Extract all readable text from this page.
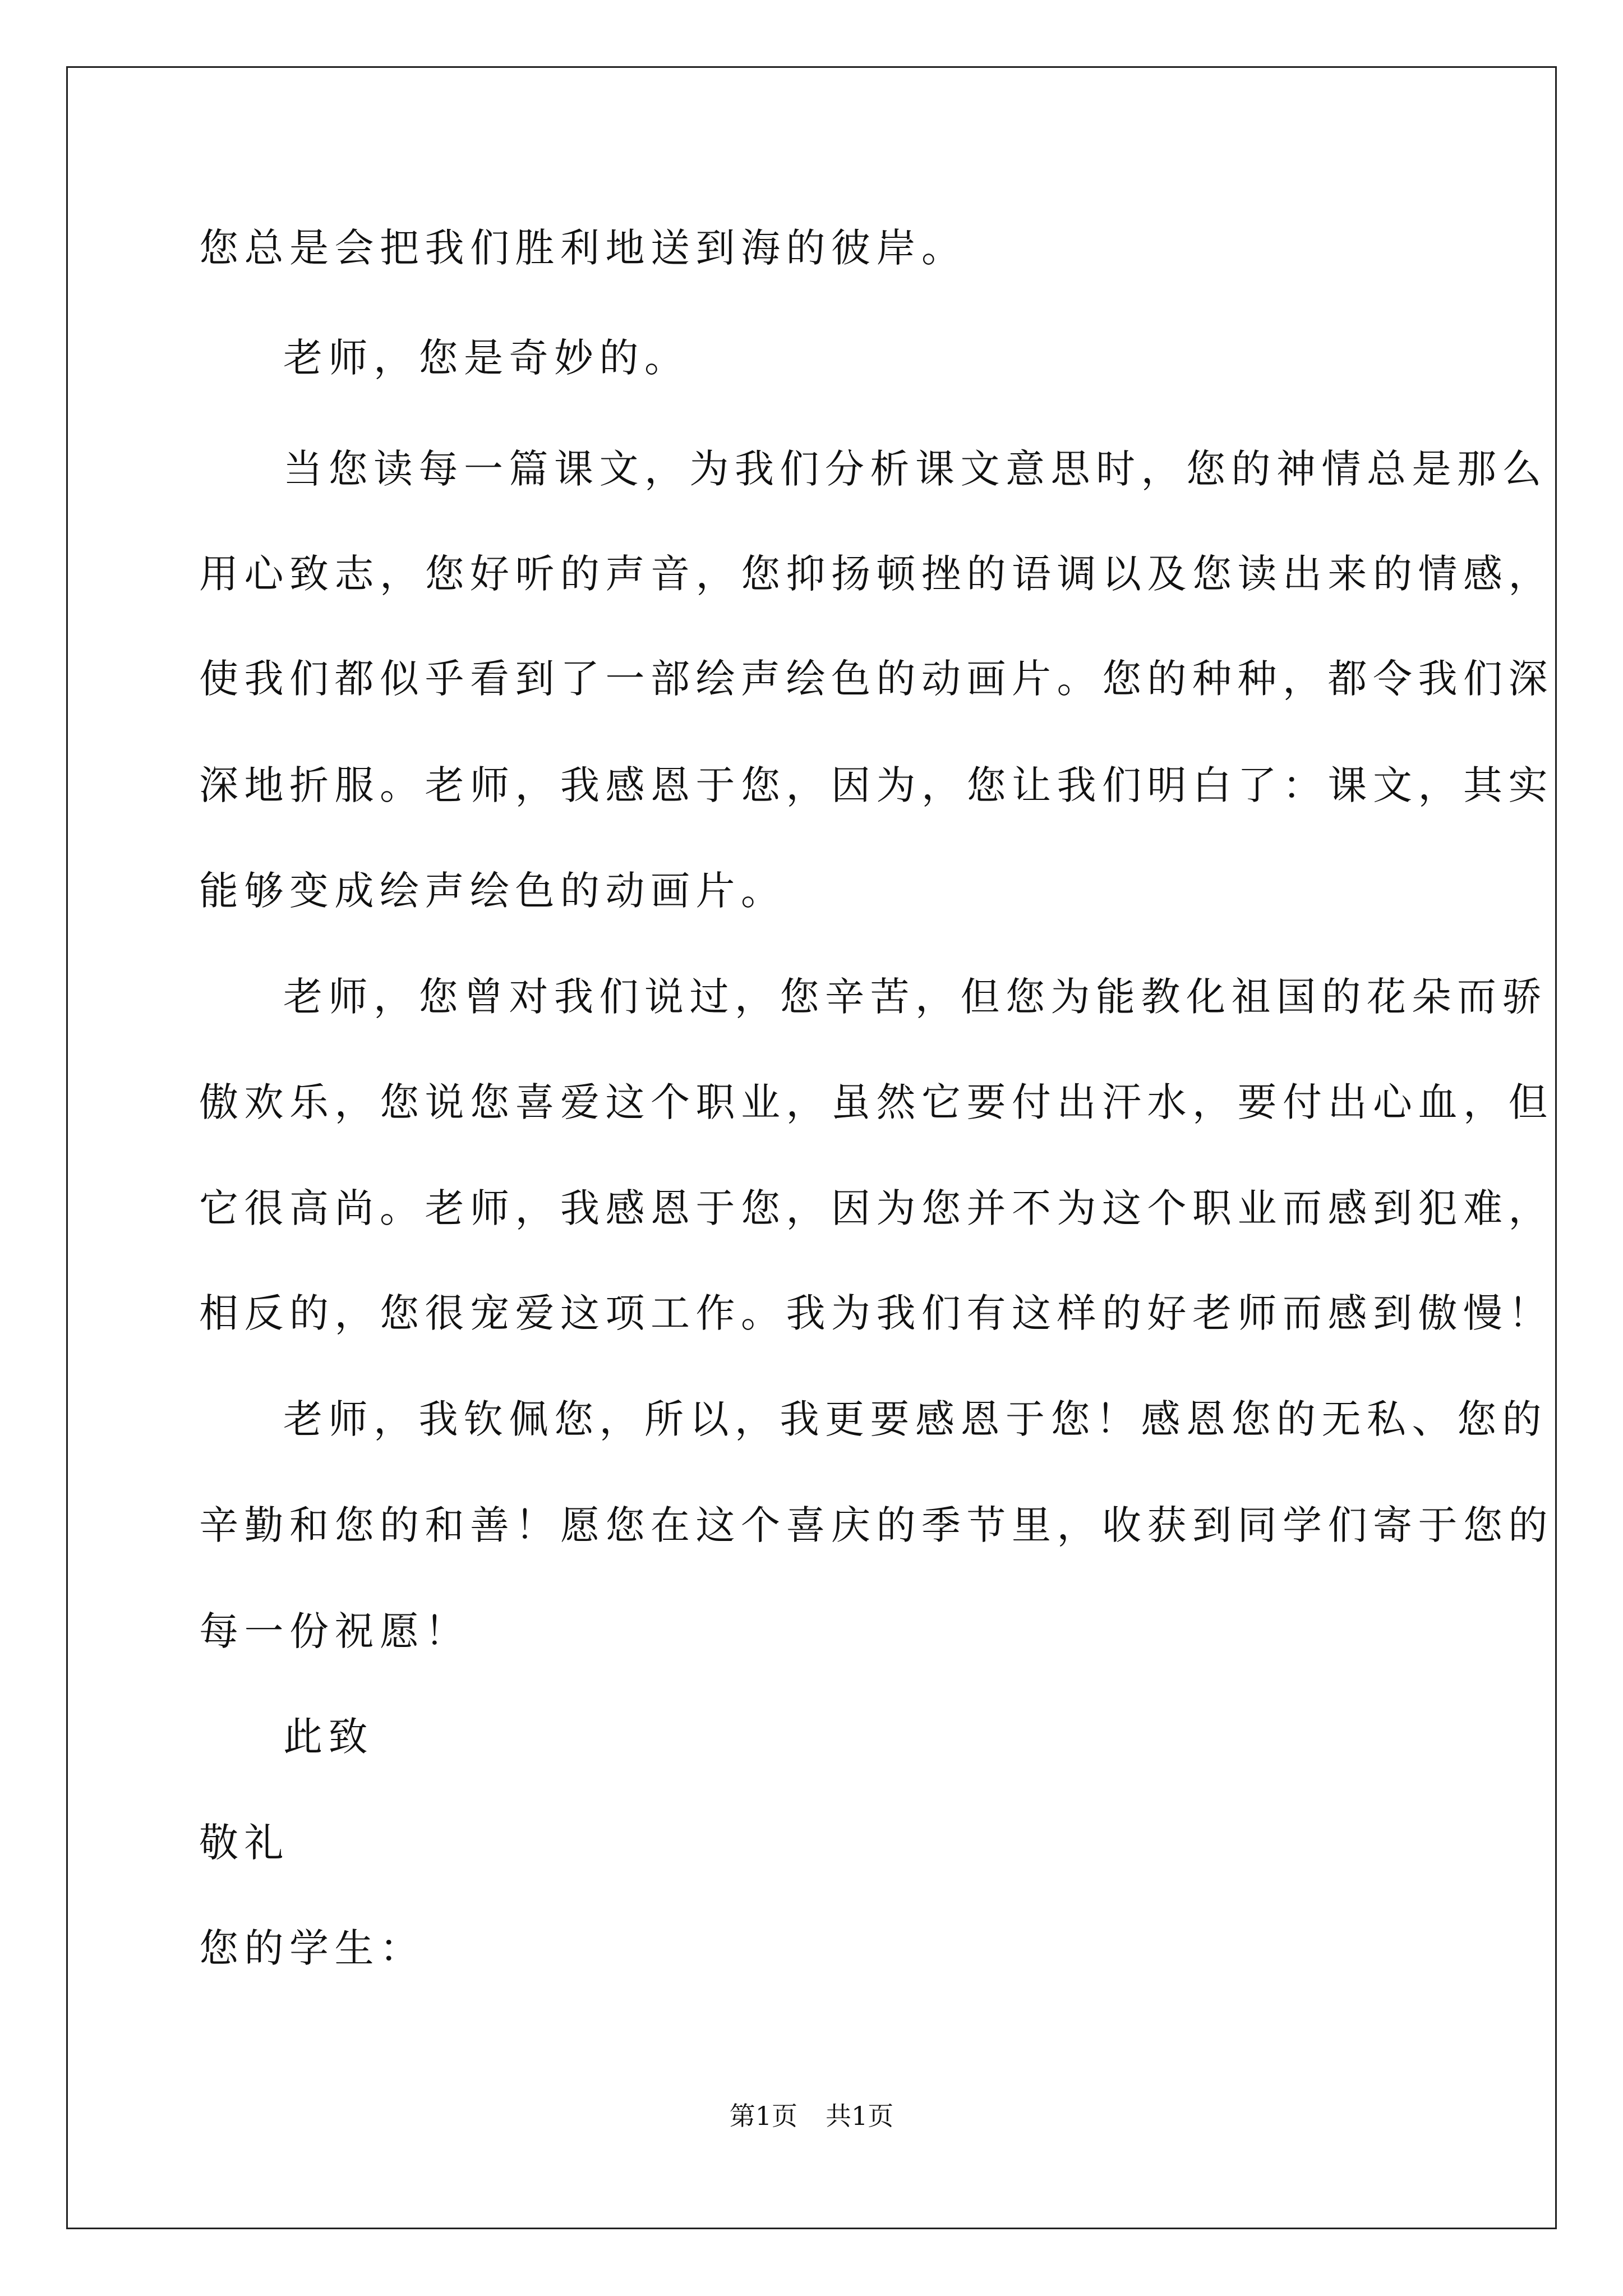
您总是会把我们胜利地送到海的彼岸。
老师，您是奇妙的。
当您读每一篇课文，为我们分析课文意思时，您的神情总是那么
用心致志，您好听的声音，您抑扬顿挫的语调以及您读出来的情感，
使我们都似乎看到了一部绘声绘色的动画片。您的种种，都令我们深
深地折服。老师，我感恩于您，因为，您让我们明白了：课文，其实
能够变成绘声绘色的动画片。
老师，您曾对我们说过，您辛苦，但您为能教化祖国的花朵而骄
傲欢乐，您说您喜爱这个职业，虽然它要付出汗水，要付出心血，但
它很高尚。老师，我感恩于您，因为您并不为这个职业而感到犯难，
相反的，您很宠爱这项工作。我为我们有这样的好老师而感到傲慢！
老师，我钦佩您，所以，我更要感恩于您！感恩您的无私、您的
辛勤和您的和善！愿您在这个喜庆的季节里，收获到同学们寄于您的
每一份祝愿！
此致
敬礼
您的学生：
第1页 共1页
